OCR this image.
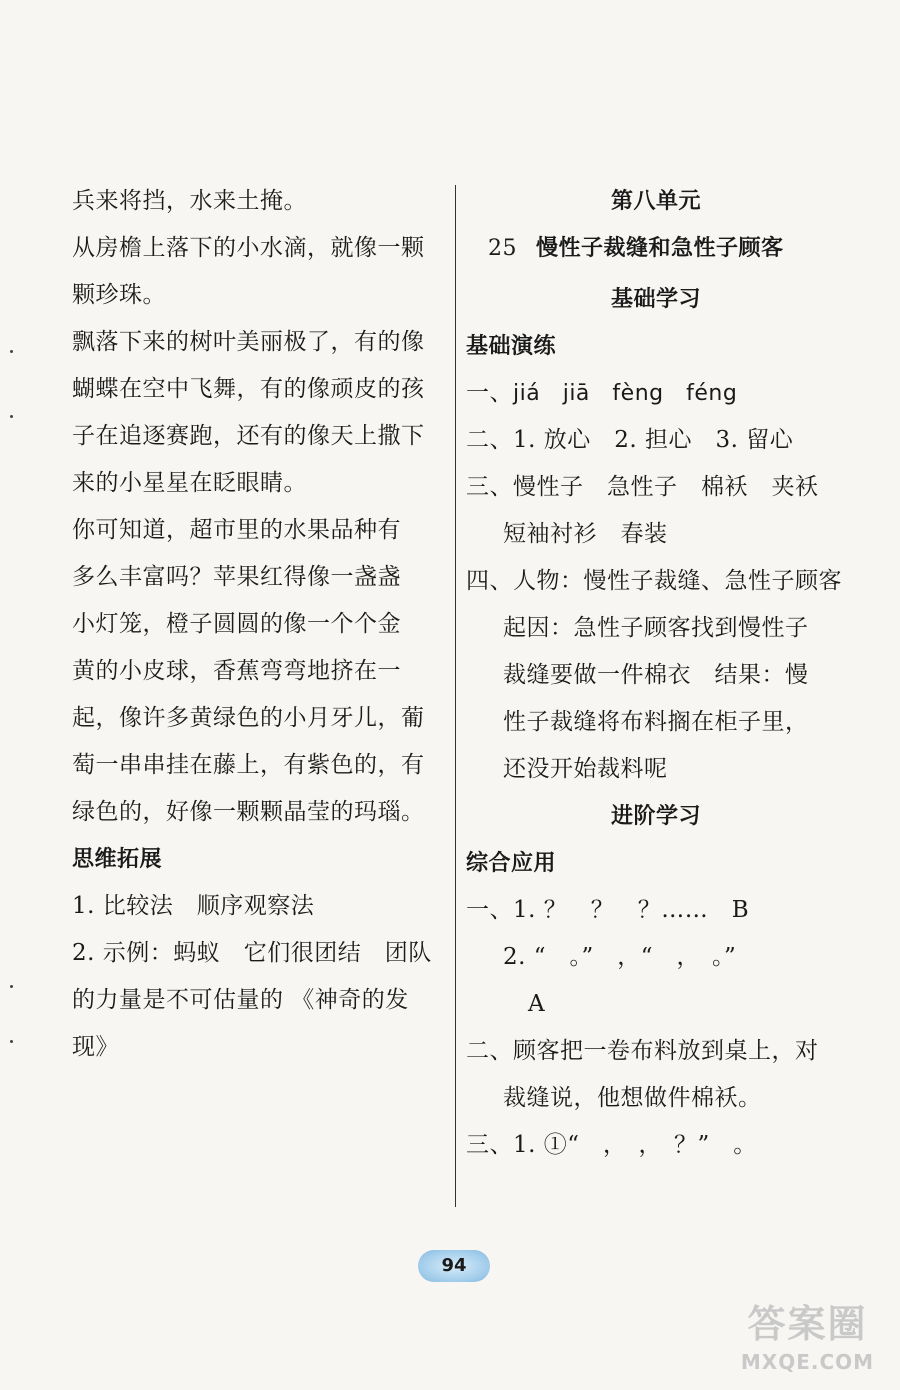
兵来将挡，水来土掩。
从房檐上落下的小水滴，就像一颗
颗珍珠。
飘落下来的树叶美丽极了，有的像
蝴蝶在空中飞舞，有的像顽皮的孩
子在追逐赛跑，还有的像天上撒下
来的小星星在眨眼睛。
你可知道，超市里的水果品种有
多么丰富吗？苹果红得像一盏盏
小灯笼，橙子圆圆的像一个个金
黄的小皮球，香蕉弯弯地挤在一
起，像许多黄绿色的小月牙儿，葡
萄一串串挂在藤上，有紫色的，有
绿色的，好像一颗颗晶莹的玛瑙。
思维拓展
1. 比较法　顺序观察法
2. 示例：蚂蚁　它们很团结　团队
的力量是不可估量的 《神奇的发
现》
第八单元
25 慢性子裁缝和急性子顾客
基础学习
基础演练
一、jiá　jiā　fèng　féng
二、1. 放心　2. 担心　3. 留心
三、慢性子　急性子　棉袄　夹袄
短袖衬衫　春装
四、人物：慢性子裁缝、急性子顾客
起因：急性子顾客找到慢性子
裁缝要做一件棉衣　结果：慢
性子裁缝将布料搁在柜子里，
还没开始裁料呢
进阶学习
综合应用
一、1. ？　？　？……　B
2. “　。”　，“　，　。”
A
二、顾客把一卷布料放到桌上，对
裁缝说，他想做件棉袄。
三、1. ①“　，　，　？”　。
94
答案圈
MXQE.COM
